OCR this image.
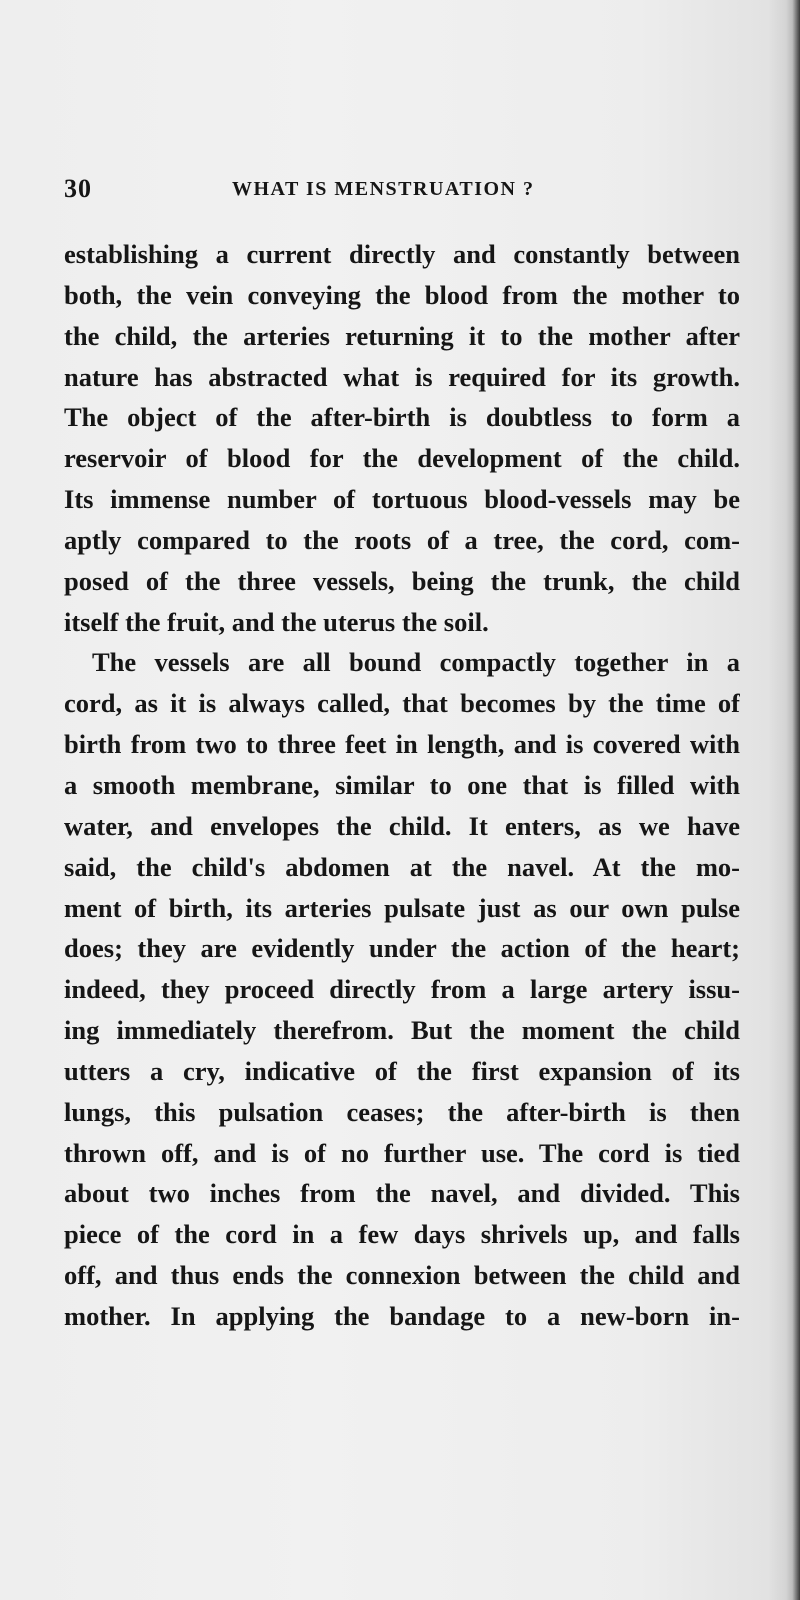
30	WHAT IS MENSTRUATION ?
establishing a current directly and constantly between
both, the vein conveying the blood from the mother to
the child, the arteries returning it to the mother after
nature has abstracted what is required for its growth.
The object of the after-birth is doubtless to form a
reservoir of blood for the development of the child.
Its immense number of tortuous blood-vessels may be
aptly compared to the roots of a tree, the cord, com-
posed of the three vessels, being the trunk, the child
itself the fruit, and the uterus the soil.
The vessels are all bound compactly together in a
cord, as it is always called, that becomes by the time of
birth from two to three feet in length, and is covered with
a smooth membrane, similar to one that is filled with
water, and envelopes the child. It enters, as we have
said, the child's abdomen at the navel. At the mo-
ment of birth, its arteries pulsate just as our own pulse
does; they are evidently under the action of the heart;
indeed, they proceed directly from a large artery issu-
ing immediately therefrom. But the moment the child
utters a cry, indicative of the first expansion of its
lungs, this pulsation ceases; the after-birth is then
thrown off, and is of no further use. The cord is tied
about two inches from the navel, and divided. This
piece of the cord in a few days shrivels up, and falls
off, and thus ends the connexion between the child and
mother. In applying the bandage to a new-born in-
